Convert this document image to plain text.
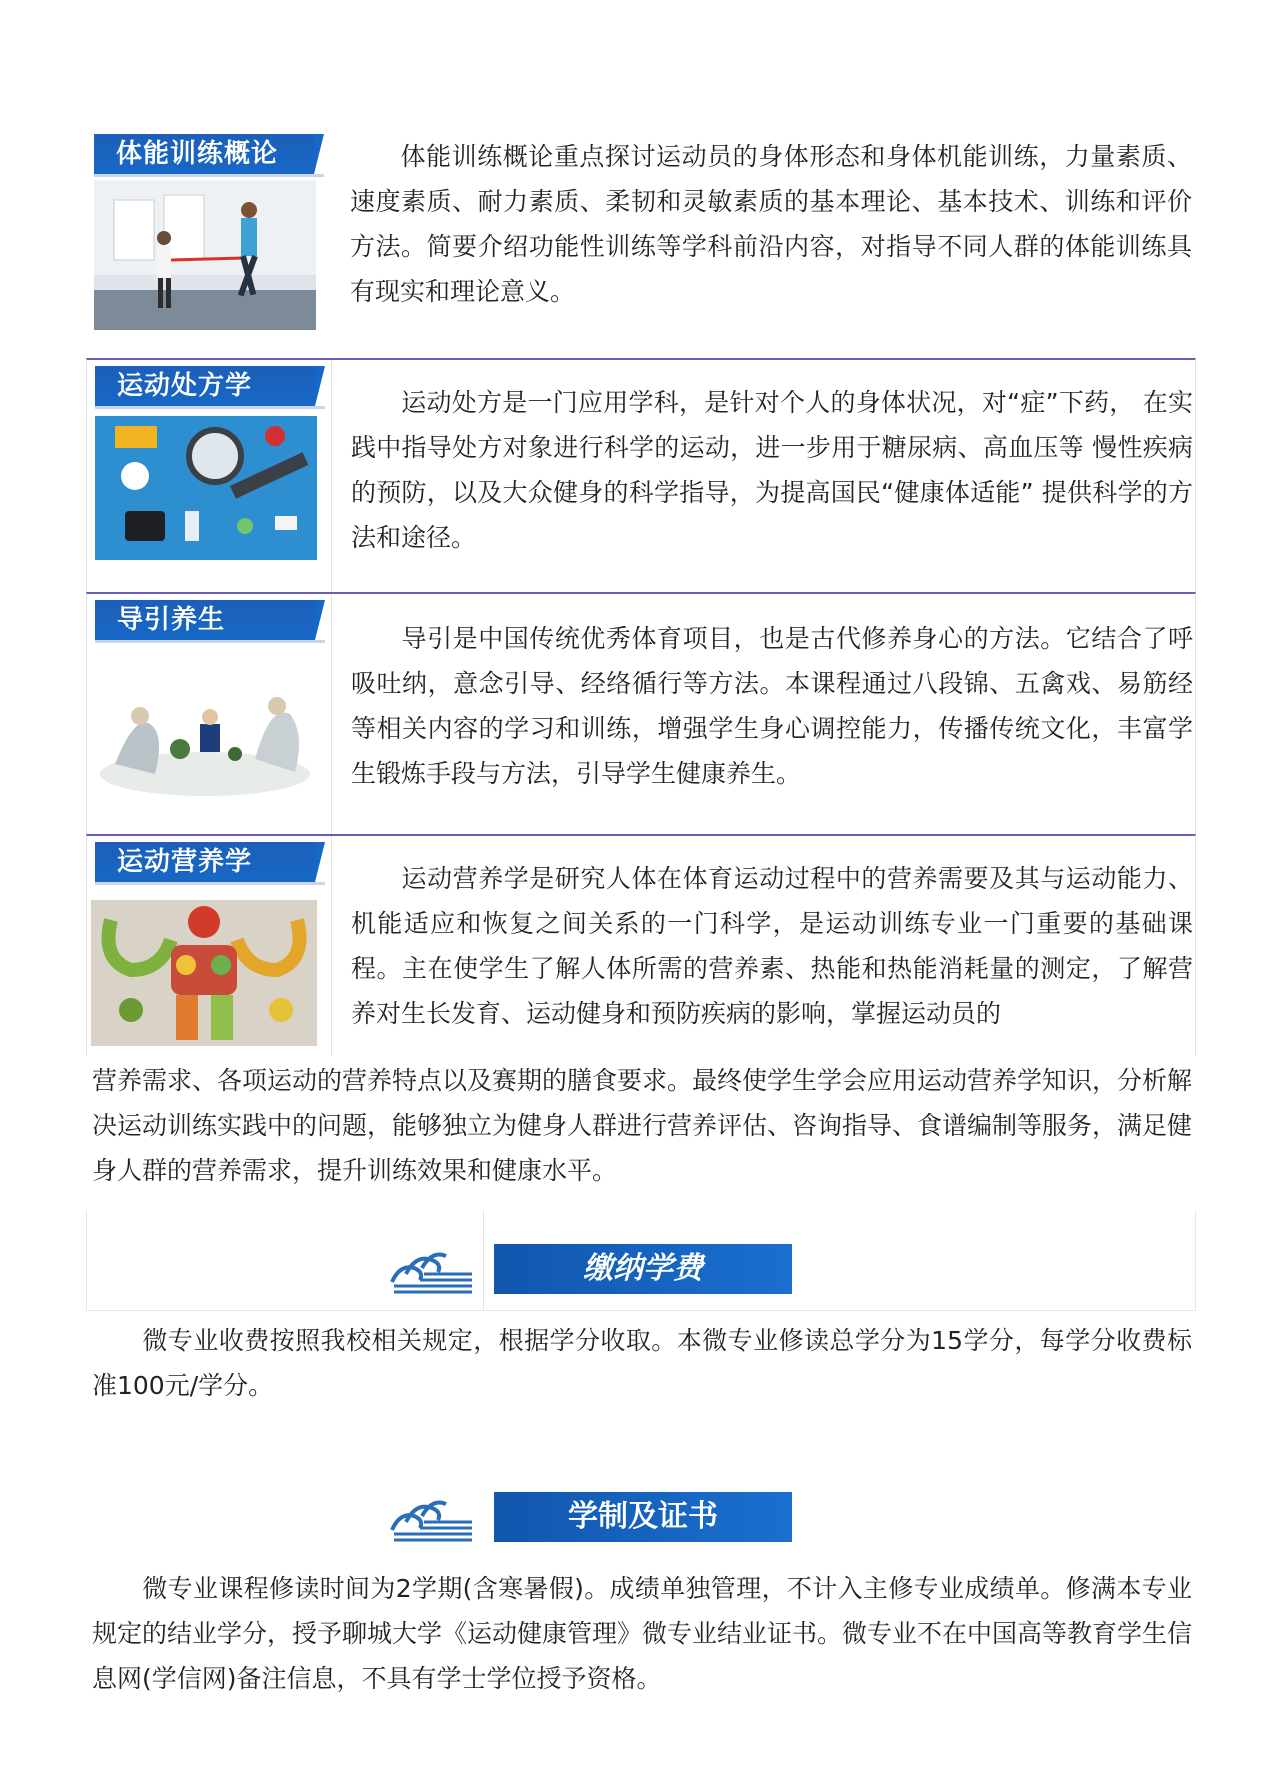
体能训练概论	体能训练概论重点探讨运动员的身体形态和身体机能训练，力量素质、速度素质、耐力素质、柔韧和灵敏素质的基本理论、基本技术、训练和评价方法。简要介绍功能性训练等学科前沿内容，对指导不同人群的体能训练具有现实和理论意义。
运动处方学
运动处方是一门应用学科，是针对个人的身体状况，对“症”下药， 在实践中指导处方对象进行科学的运动，进一步用于糖尿病、高血压等 慢性疾病的预防，以及大众健身的科学指导，为提高国民“健康体适能” 提供科学的方法和途径。
导引养生
导引是中国传统优秀体育项目，也是古代修养身心的方法。它结合了呼吸吐纳，意念引导、经络循行等方法。本课程通过八段锦、五禽戏、易筋经等相关内容的学习和训练，增强学生身心调控能力，传播传统文化，丰富学生锻炼手段与方法，引导学生健康养生。
运动营养学
运动营养学是研究人体在体育运动过程中的营养需要及其与运动能力、机能适应和恢复之间关系的一门科学，是运动训练专业一门重要的基础课程。主在使学生了解人体所需的营养素、热能和热能消耗量的测定，了解营养对生长发育、运动健身和预防疾病的影响，掌握运动员的
营养需求、各项运动的营养特点以及赛期的膳食要求。最终使学生学会应用运动营养学知识，分析解决运动训练实践中的问题，能够独立为健身人群进行营养评估、咨询指导、食谱编制等服务，满足健身人群的营养需求，提升训练效果和健康水平。
缴纳学费
微专业收费按照我校相关规定，根据学分收取。本微专业修读总学分为15学分，每学分收费标准100元/学分。
学制及证书
微专业课程修读时间为2学期(含寒暑假)。成绩单独管理，不计入主修专业成绩单。修满本专业规定的结业学分，授予聊城大学《运动健康管理》微专业结业证书。微专业不在中国高等教育学生信息网(学信网)备注信息，不具有学士学位授予资格。
